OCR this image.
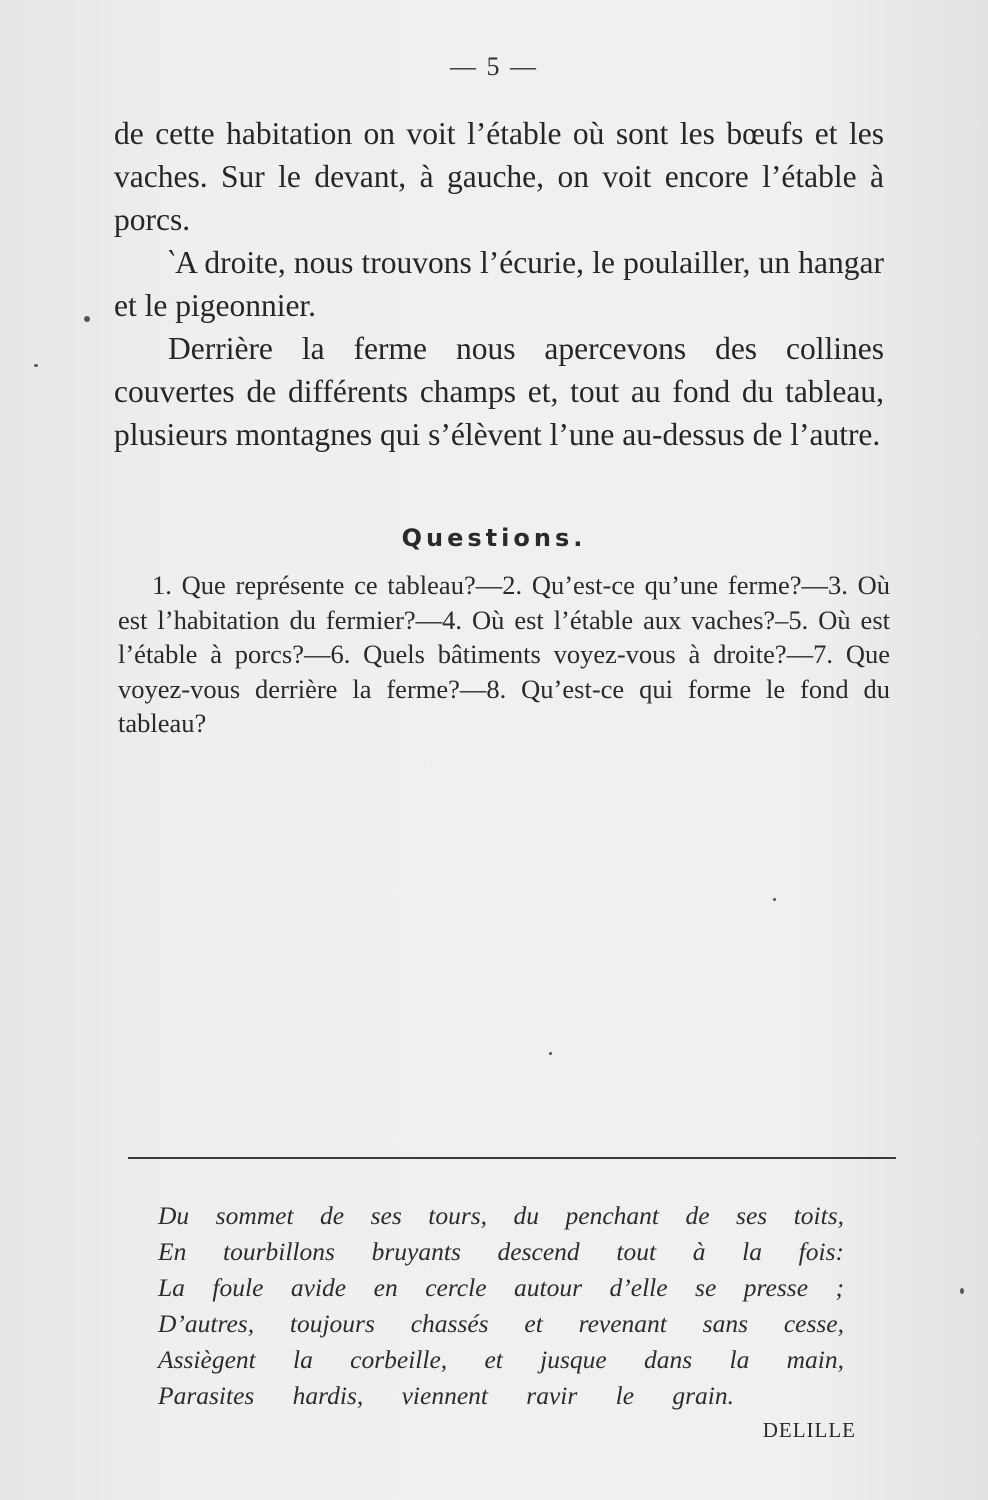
— 5 —

de cette habitation on voit l’étable où sont les bœufs et les vaches. Sur le devant, à gauche, on voit encore l’étable à porcs.

‵A droite, nous trouvons l’écurie, le poulailler, un hangar et le pigeonnier.

Derrière la ferme nous apercevons des collines couvertes de différents champs et, tout au fond du tableau, plusieurs montagnes qui s’élèvent l’une au-dessus de l’autre.

Questions.
1. Que représente ce tableau?—2. Qu’est-ce qu’une ferme?—3. Où est l’habitation du fermier?—4. Où est l’étable aux vaches?–5. Où est l’étable à porcs?—6. Quels bâtiments voyez-vous à droite?—7. Que voyez-vous derrière la ferme?—8. Qu’est-ce qui forme le fond du tableau?
Du sommet de ses tours, du penchant de ses toits,
En tourbillons bruyants descend tout à la fois:
La foule avide en cercle autour d’elle se presse ;
D’autres, toujours chassés et revenant sans cesse,
Assiègent la corbeille, et jusque dans la main,
Parasites hardis, viennent ravir le grain.
DELILLE
